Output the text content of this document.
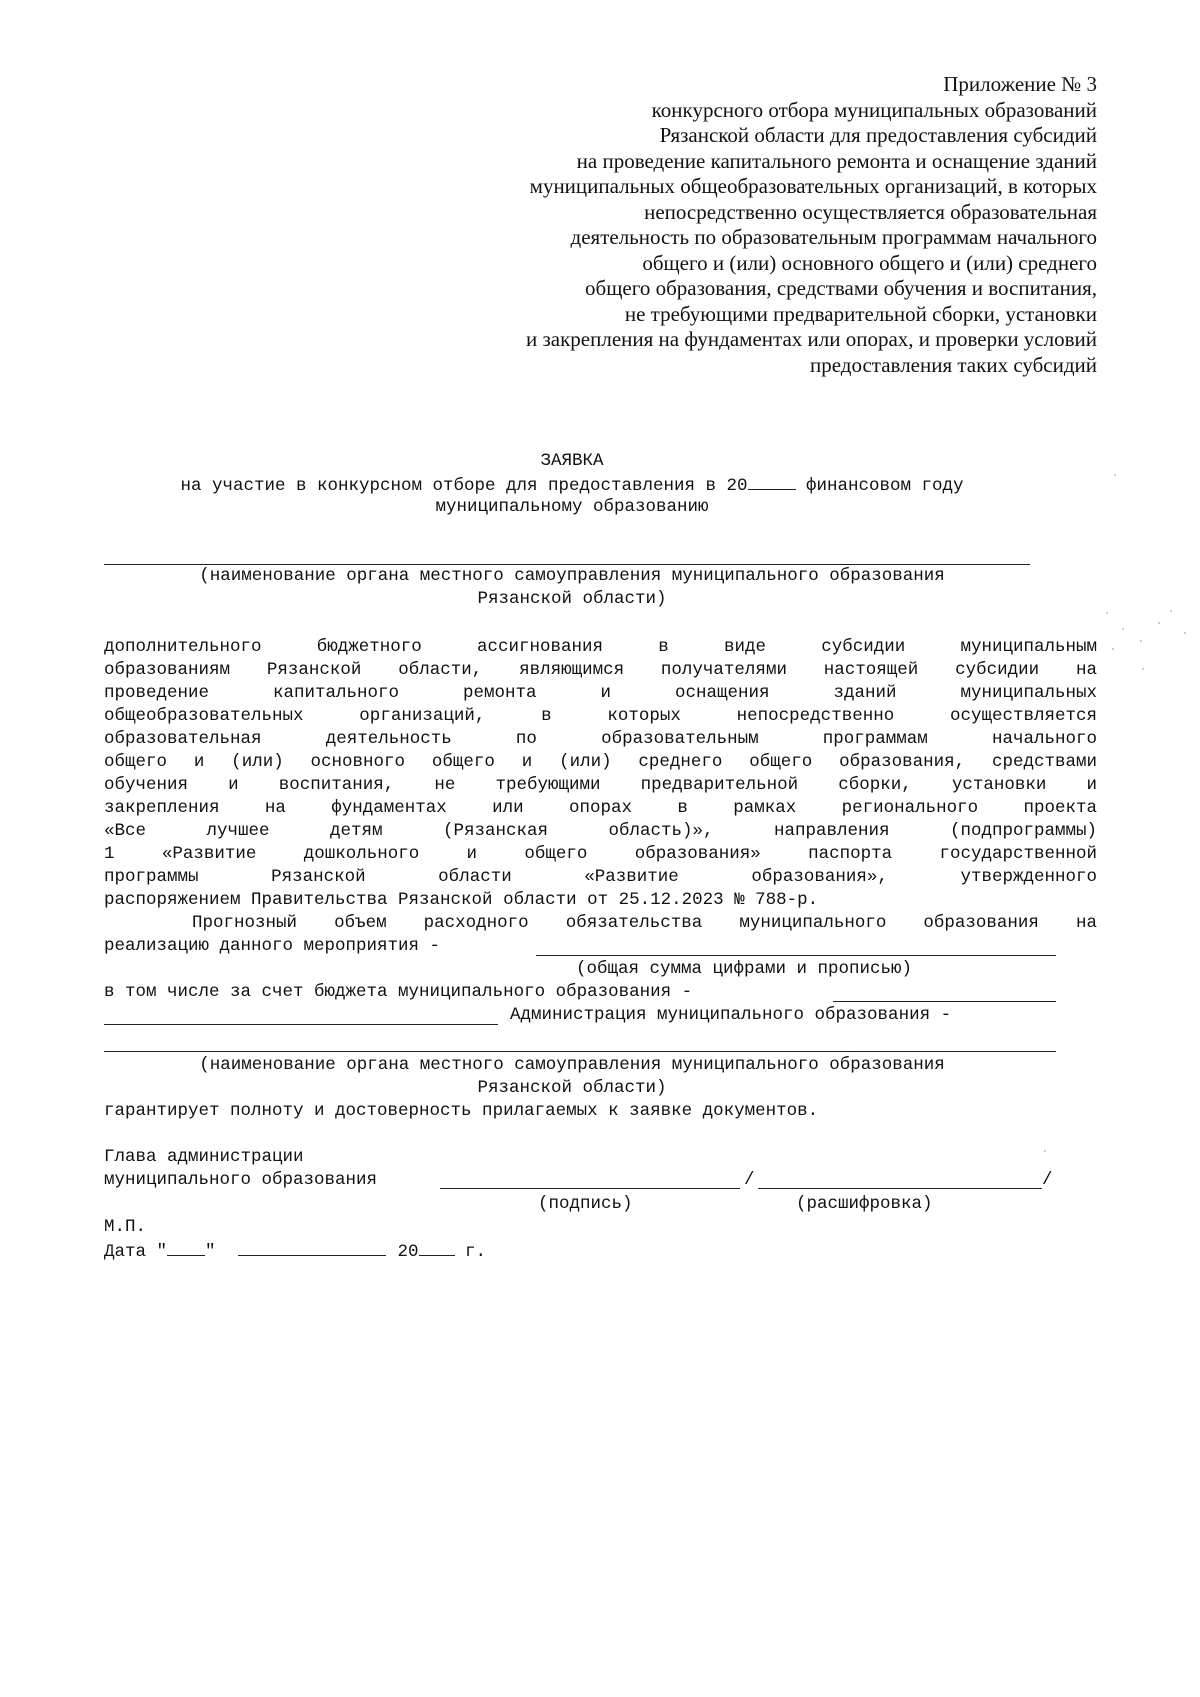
Приложение № 3
конкурсного отбора муниципальных образований
Рязанской области для предоставления субсидий
на проведение капитального ремонта и оснащение зданий
муниципальных общеобразовательных организаций, в которых
непосредственно осуществляется образовательная
деятельность по образовательным программам начального
общего и (или) основного общего и (или) среднего
общего образования, средствами обучения и воспитания,
не требующими предварительной сборки, установки
и закрепления на фундаментах или опорах, и проверки условий
предоставления таких субсидий
ЗАЯВКА
на участие в конкурсном отборе для предоставления в 20	финансовом году
муниципальному образованию
(наименование органа местного самоуправления муниципального образования
Рязанской области)
дополнительного бюджетного ассигнования в виде субсидии муниципальным
образованиям Рязанской области, являющимся получателями настоящей субсидии на
проведение капитального ремонта и оснащения зданий муниципальных
общеобразовательных организаций, в которых непосредственно осуществляется
образовательная деятельность по образовательным программам начального
общего и (или) основного общего и (или) среднего общего образования, средствами
обучения и воспитания, не требующими предварительной сборки, установки и
закрепления на фундаментах или опорах в рамках регионального проекта
«Все лучшее детям (Рязанская область)», направления (подпрограммы)
1 «Развитие дошкольного и общего образования» паспорта государственной
программы Рязанской области «Развитие образования», утвержденного
распоряжением Правительства Рязанской области от 25.12.2023 № 788-р.
Прогнозный объем расходного обязательства муниципального образования на
реализацию данного мероприятия -
(общая сумма цифрами и прописью)
в том числе за счет бюджета муниципального образования -
Администрация муниципального образования -
(наименование органа местного самоуправления муниципального образования
Рязанской области)
гарантирует полноту и достоверность прилагаемых к заявке документов.
Глава администрации
муниципального образования	/	/
(подпись)	(расшифровка)
М.П.
Дата " "	20 г.
